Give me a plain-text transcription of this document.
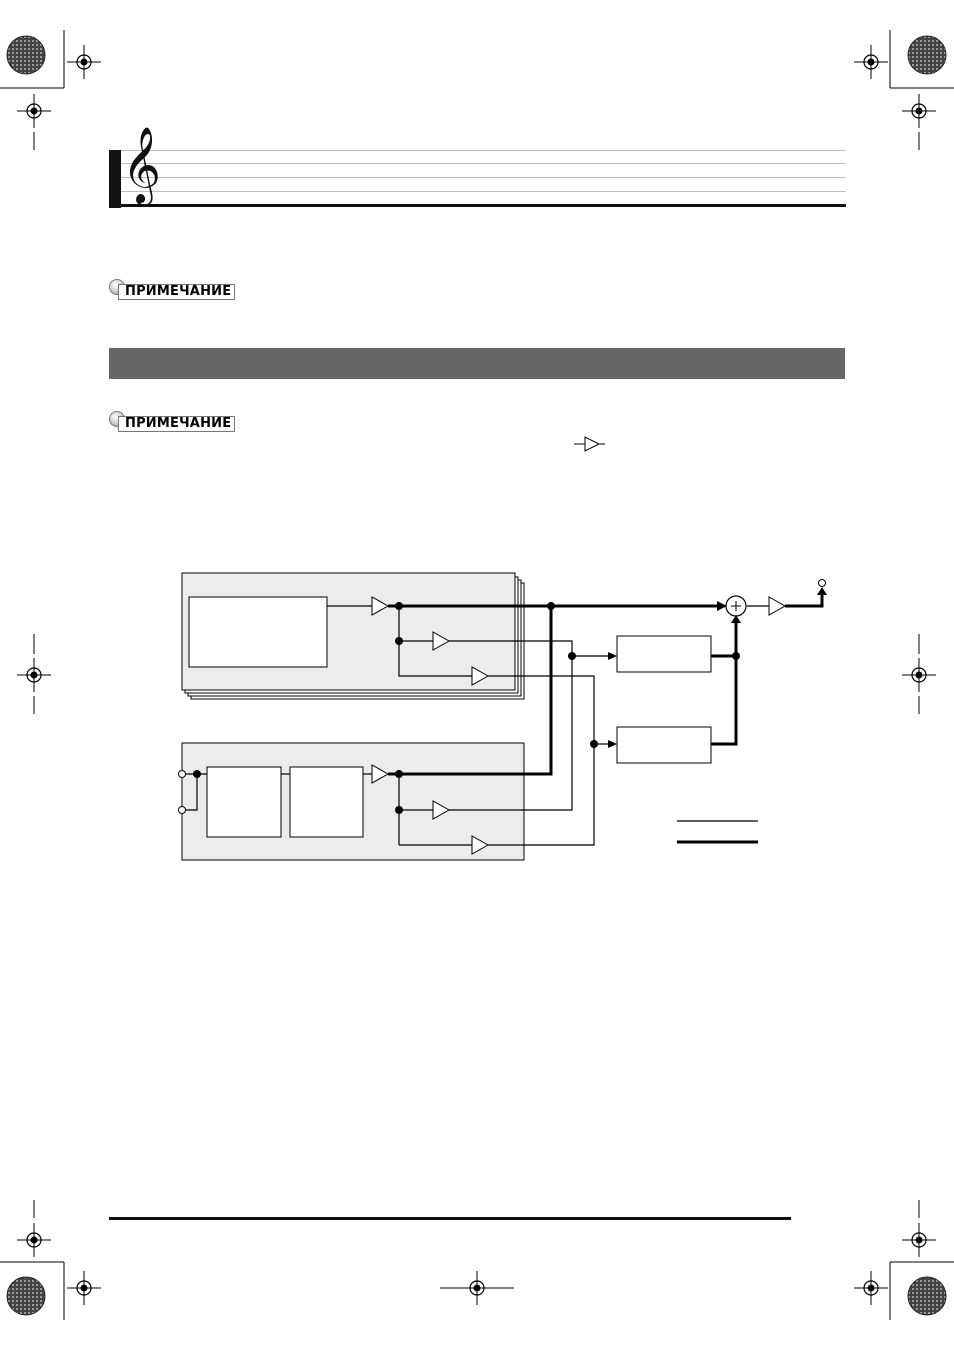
𝄞
ПРИМЕЧАНИЕ
ПРИМЕЧАНИЕ
